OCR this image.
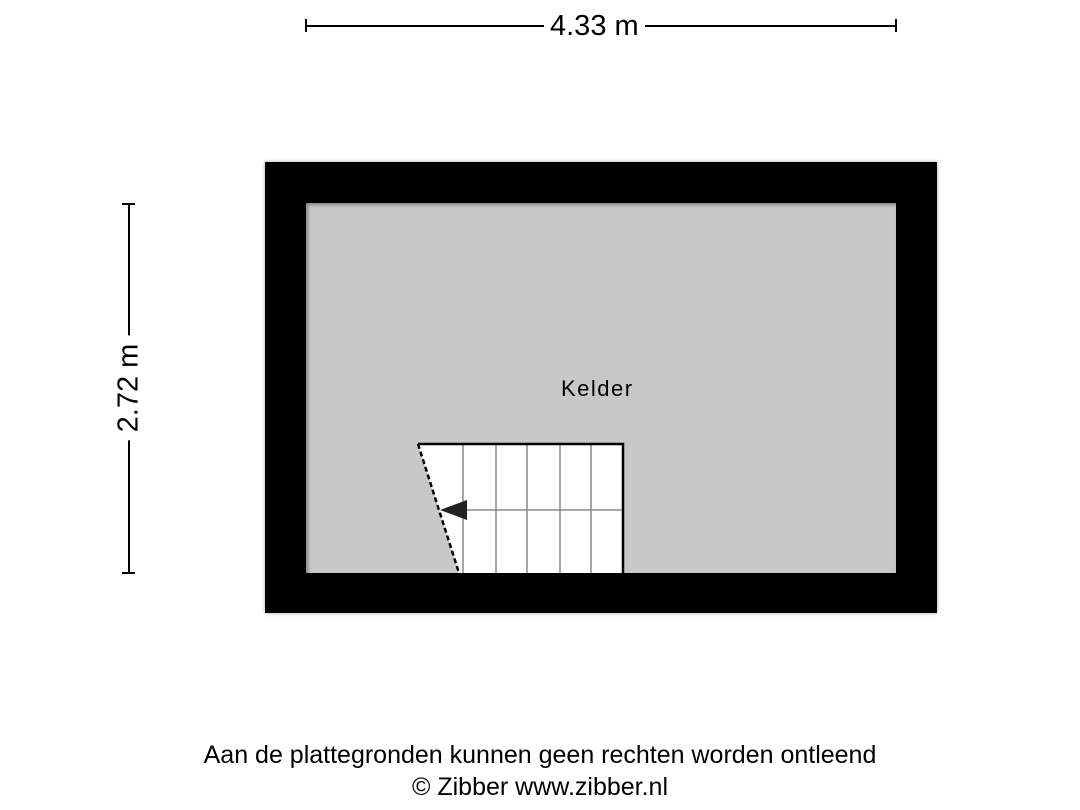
4.33 m
2.72 m	Kelder
Aan de plattegronden kunnen geen rechten worden ontleend
© Zibber www.zibber.nl
